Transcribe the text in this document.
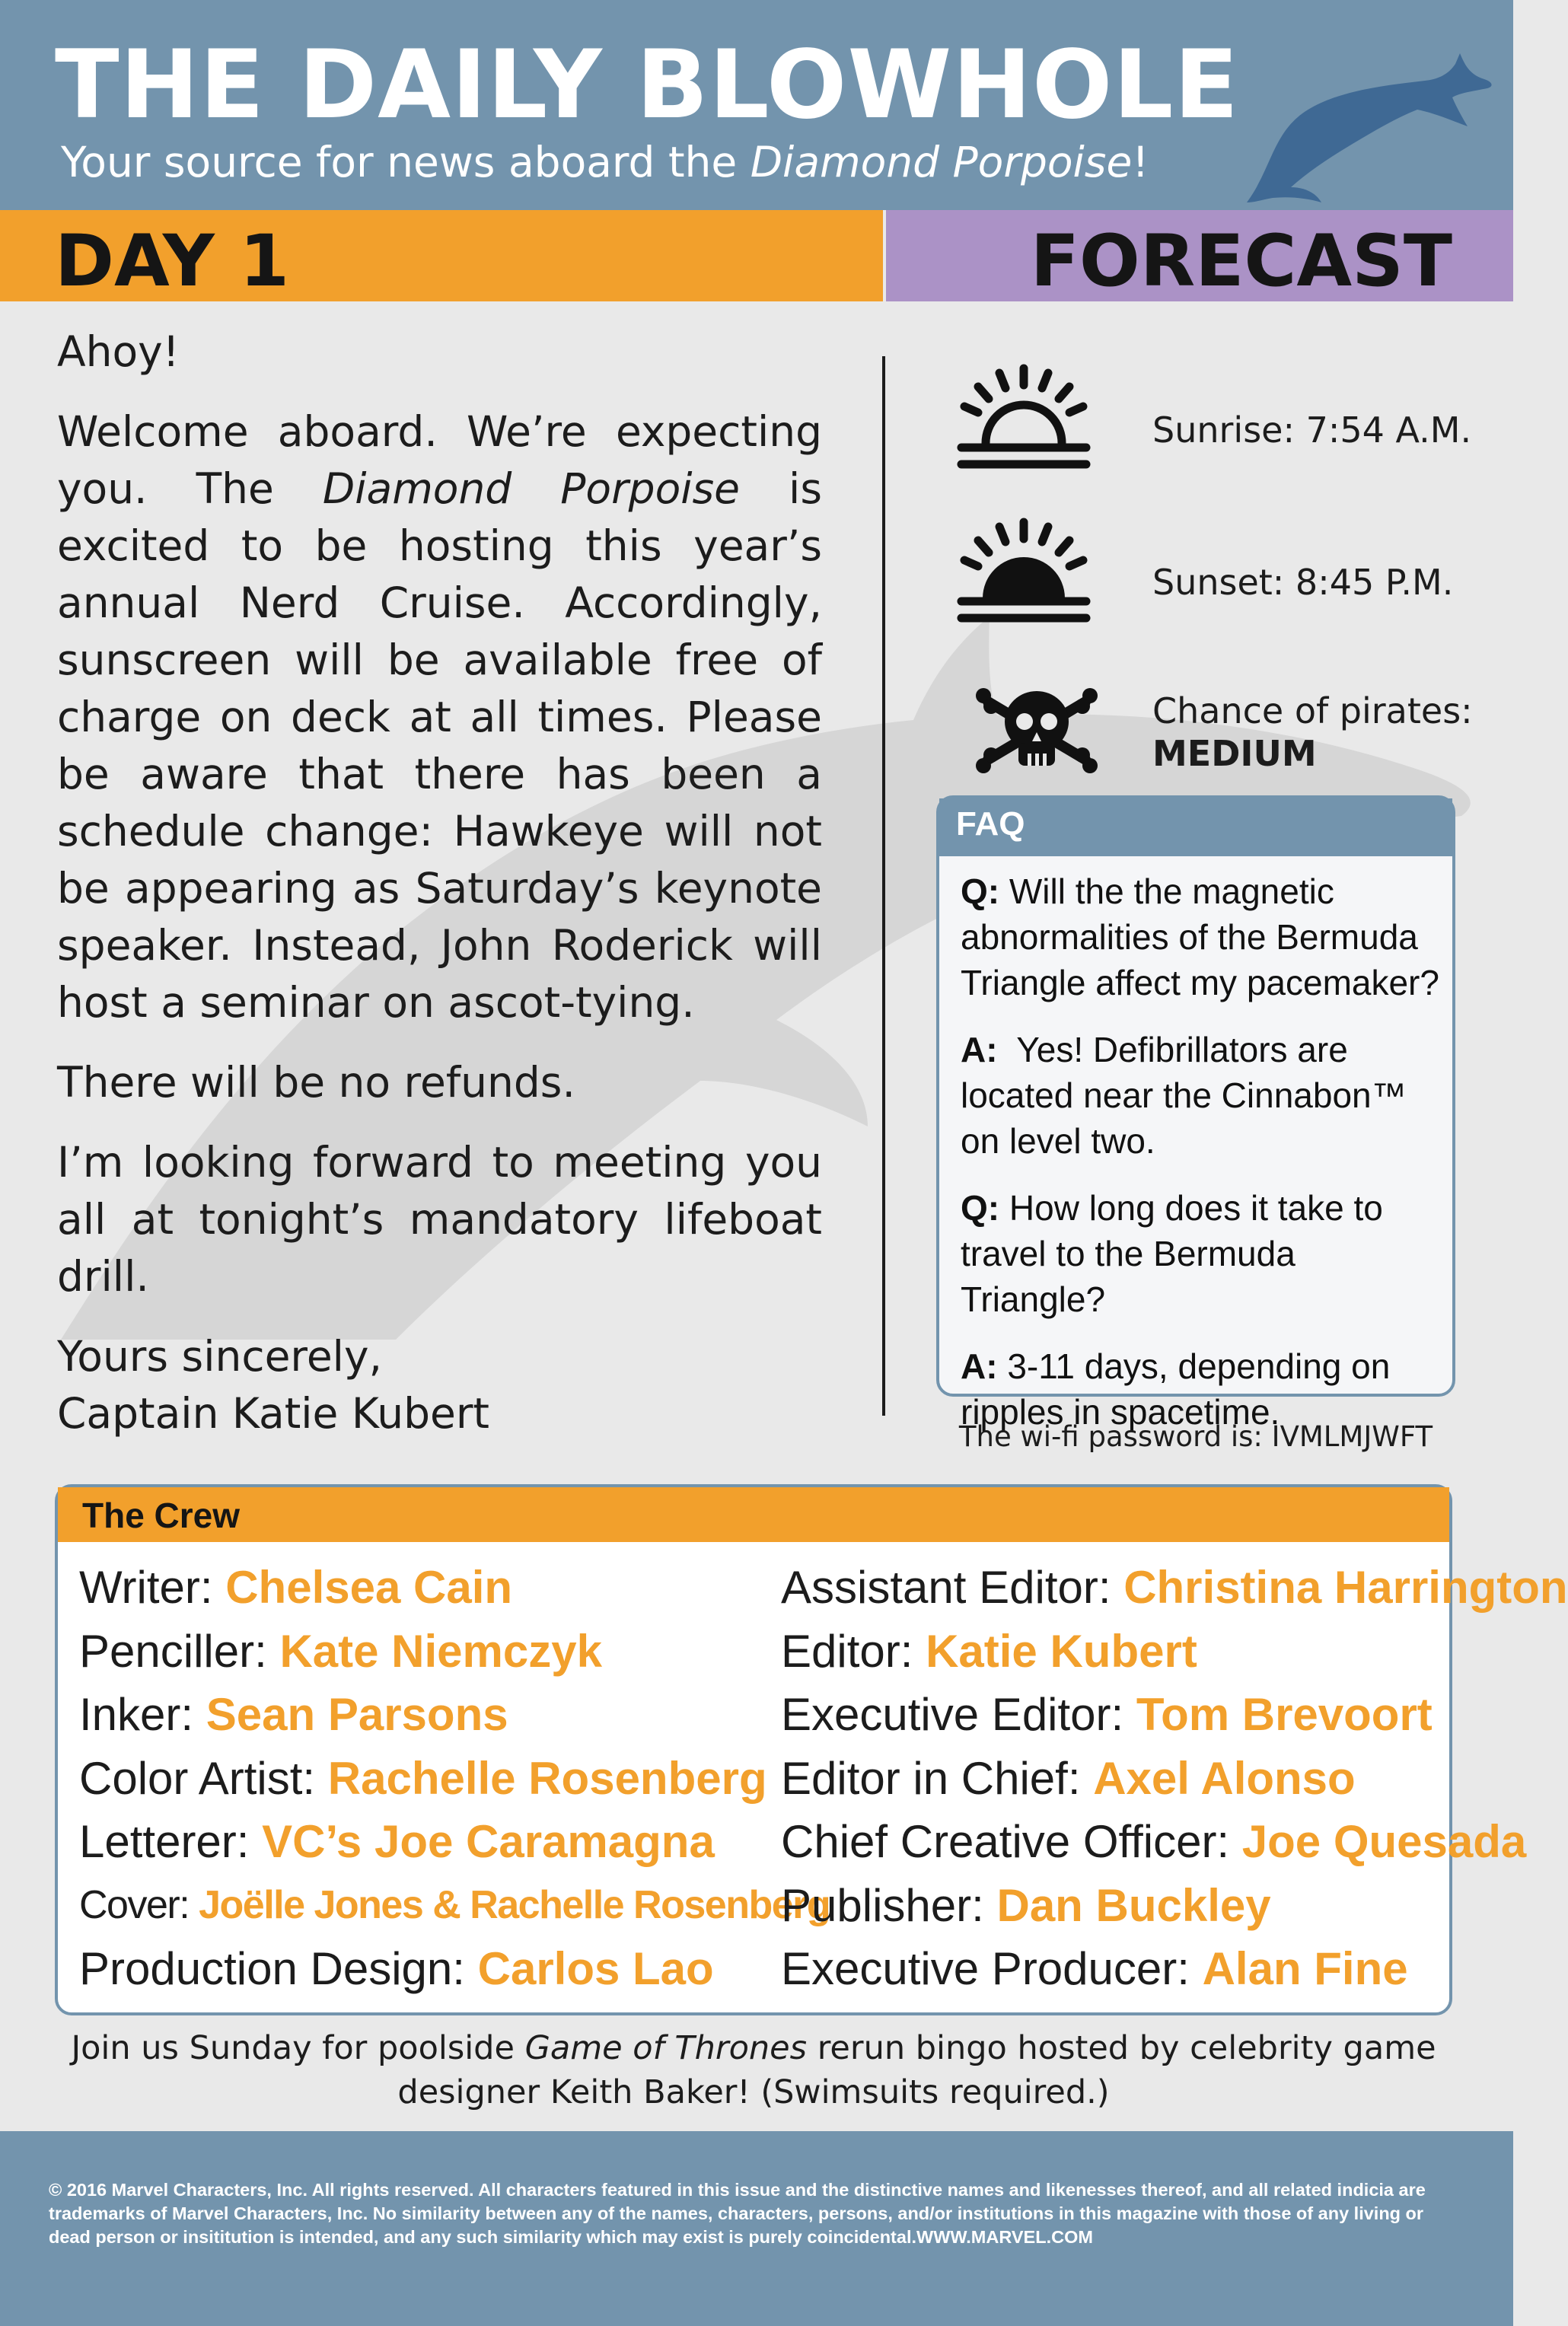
THE DAILY BLOWHOLE
Your source for news aboard the Diamond Porpoise!
DAY 1	FORECAST

Ahoy!

Welcome aboard. We’re expecting you. The Diamond Porpoise is excited to be hosting this year’s annual Nerd Cruise. Accordingly, sunscreen will be available free of charge on deck at all times. Please be aware that there has been a schedule change: Hawkeye will not be appearing as Saturday’s keynote speaker. Instead, John Roderick will host a seminar on ascot-tying.

There will be no refunds.

I’m looking forward to meeting you all at tonight’s mandatory lifeboat drill.

Yours sincerely,

Captain Katie Kubert

Sunrise: 7:54 A.M.
Sunset: 8:45 P.M.
Chance of pirates:
MEDIUM
FAQ

Q: Will the the magnetic abnormalities of the Bermuda Triangle affect my pacemaker?

A: Yes! Defibrillators are located near the Cinnabon™ on level two.

Q: How long does it take to travel to the Bermuda Triangle?

A: 3-11 days, depending on ripples in spacetime.

The wi-fi password is: IVMLMJWFT
The Crew
Writer: Chelsea Cain
Penciller: Kate Niemczyk
Inker: Sean Parsons
Color Artist: Rachelle Rosenberg
Letterer: VC’s Joe Caramagna
Cover: Joëlle Jones & Rachelle Rosenberg
Production Design: Carlos Lao
Assistant Editor: Christina Harrington
Editor: Katie Kubert
Executive Editor: Tom Brevoort
Editor in Chief: Axel Alonso
Chief Creative Officer: Joe Quesada
Publisher: Dan Buckley
Executive Producer: Alan Fine
Join us Sunday for poolside Game of Thrones rerun bingo hosted by celebrity game designer Keith Baker! (Swimsuits required.)
© 2016 Marvel Characters, Inc. All rights reserved. All characters featured in this issue and the distinctive names and likenesses thereof, and all related indicia are trademarks of Marvel Characters, Inc. No similarity between any of the names, characters, persons, and/or institutions in this magazine with those of any living or dead person or insititution is intended, and any such similarity which may exist is purely coincidental.WWW.MARVEL.COM
